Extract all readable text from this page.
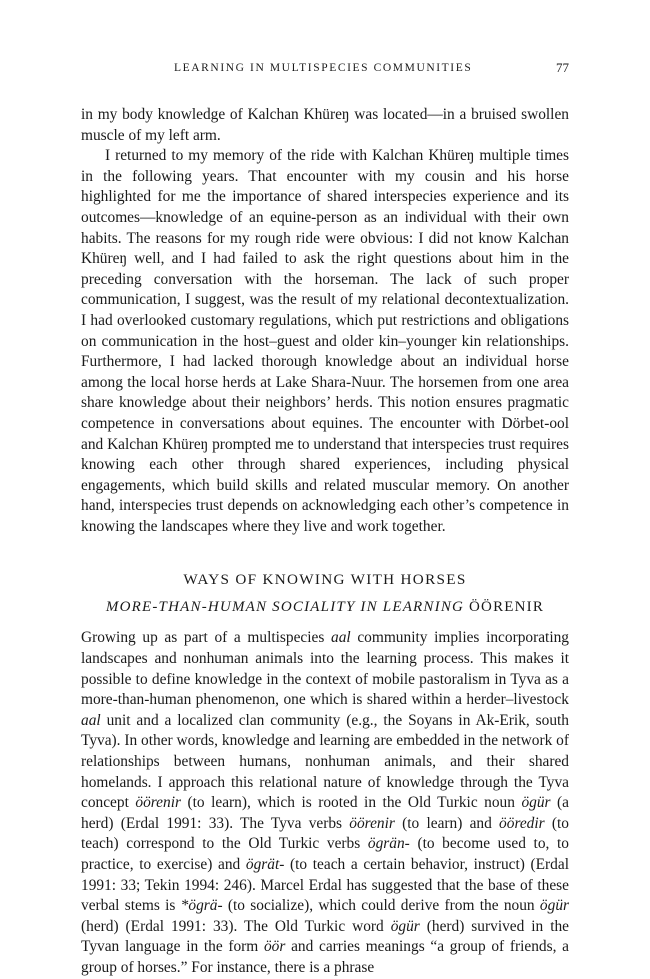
LEARNING IN MULTISPECIES COMMUNITIES	77

in my body knowledge of Kalchan Khüreŋ was located—in a bruised swollen muscle of my left arm.

I returned to my memory of the ride with Kalchan Khüreŋ multiple times in the following years. That encounter with my cousin and his horse highlighted for me the importance of shared interspecies experience and its outcomes—knowledge of an equine-person as an individual with their own habits. The reasons for my rough ride were obvious: I did not know Kalchan Khüreŋ well, and I had failed to ask the right questions about him in the preceding conversation with the horseman. The lack of such proper communication, I suggest, was the result of my relational decontextualization. I had overlooked customary regulations, which put restrictions and obligations on communication in the host–guest and older kin–younger kin relationships. Furthermore, I had lacked thorough knowledge about an individual horse among the local horse herds at Lake Shara-Nuur. The horsemen from one area share knowledge about their neighbors’ herds. This notion ensures pragmatic competence in conversations about equines. The encounter with Dörbet-ool and Kalchan Khüreŋ prompted me to understand that interspecies trust requires knowing each other through shared experiences, including physical engagements, which build skills and related muscular memory. On another hand, interspecies trust depends on acknowledging each other’s competence in knowing the landscapes where they live and work together.

WAYS OF KNOWING WITH HORSES
MORE-THAN-HUMAN SOCIALITY IN LEARNING ÖÖRENIR

Growing up as part of a multispecies aal community implies incorporating landscapes and nonhuman animals into the learning process. This makes it possible to define knowledge in the context of mobile pastoralism in Tyva as a more-than-human phenomenon, one which is shared within a herder–livestock aal unit and a localized clan community (e.g., the Soyans in Ak-Erik, south Tyva). In other words, knowledge and learning are embedded in the network of relationships between humans, nonhuman animals, and their shared homelands. I approach this relational nature of knowledge through the Tyva concept öörenir (to learn), which is rooted in the Old Turkic noun ögür (a herd) (Erdal 1991: 33). The Tyva verbs öörenir (to learn) and ööredir (to teach) correspond to the Old Turkic verbs ögrän- (to become used to, to practice, to exercise) and ögrät- (to teach a certain behavior, instruct) (Erdal 1991: 33; Tekin 1994: 246). Marcel Erdal has suggested that the base of these verbal stems is *ögrä- (to socialize), which could derive from the noun ögür (herd) (Erdal 1991: 33). The Old Turkic word ögür (herd) survived in the Tyvan language in the form öör and carries meanings “a group of friends, a group of horses.” For instance, there is a phrase
